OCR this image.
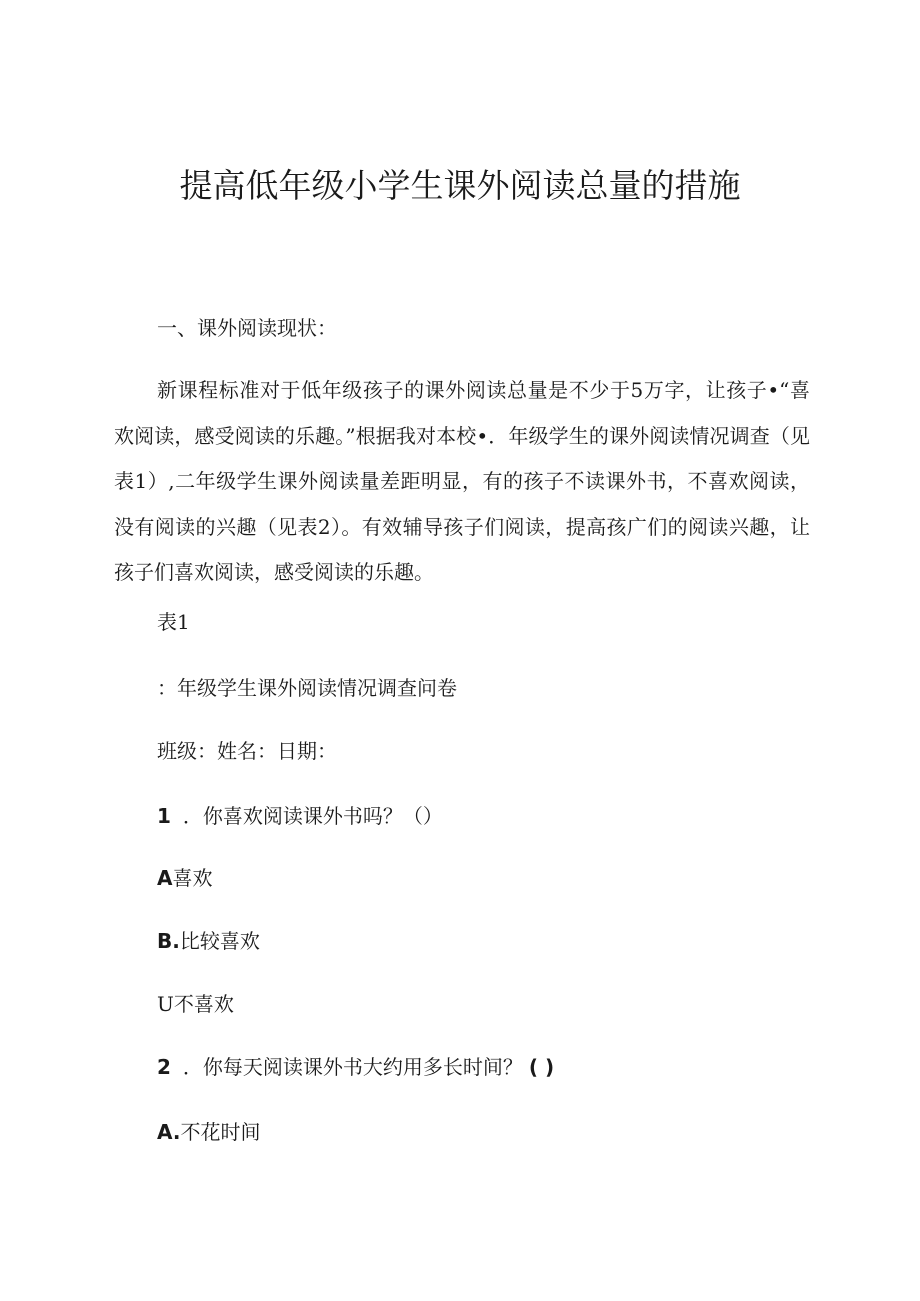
提高低年级小学生课外阅读总量的措施

一、课外阅读现状：

新课程标准对于低年级孩子的课外阅读总量是不少于5万字，让孩子•“喜欢阅读，感受阅读的乐趣。”根据我对本校•．年级学生的课外阅读情况调查（见表1）,二年级学生课外阅读量差距明显，有的孩子不读课外书，不喜欢阅读，没有阅读的兴趣（见表2）。有效辅导孩子们阅读，提高孩广们的阅读兴趣，让孩子们喜欢阅读，感受阅读的乐趣。

表1

：年级学生课外阅读情况调查问卷

班级：姓名：日期：

1 ．你喜欢阅读课外书吗？（）

A喜欢

B.比较喜欢

U不喜欢

2 ．你每天阅读课外书大约用多长时间？ ( )

A.不花时间
